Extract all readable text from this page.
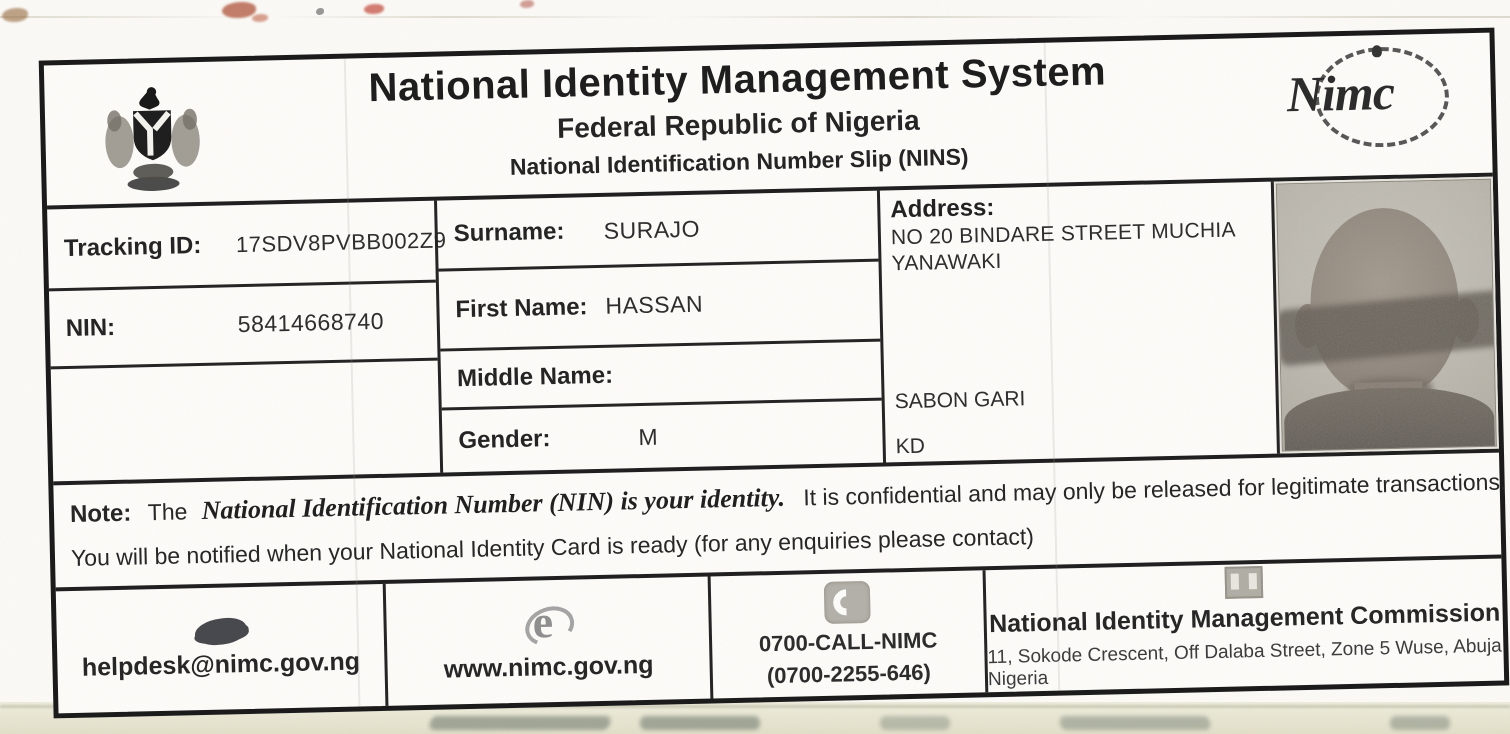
National Identity Management System
Federal Republic of Nigeria
National Identification Number Slip (NINS)
Nimc
Tracking ID:	17SDV8PVBB002Z9
NIN:	58414668740
Surname:	SURAJO
First Name: HASSAN
Middle Name:
Gender:	M
Address:
NO 20 BINDARE STREET MUCHIA
YANAWAKI
SABON GARI
KD
Note: The National Identification Number (NIN) is your identity. It is confidential and may only be released for legitimate transactions.
You will be notified when your National Identity Card is ready (for any enquiries please contact)
helpdesk@nimc.gov.ng
e
www.nimc.gov.ng
0700-CALL-NIMC
(0700-2255-646)
National Identity Management Commission
11, Sokode Crescent, Off Dalaba Street, Zone 5 Wuse, Abuja Nigeria
